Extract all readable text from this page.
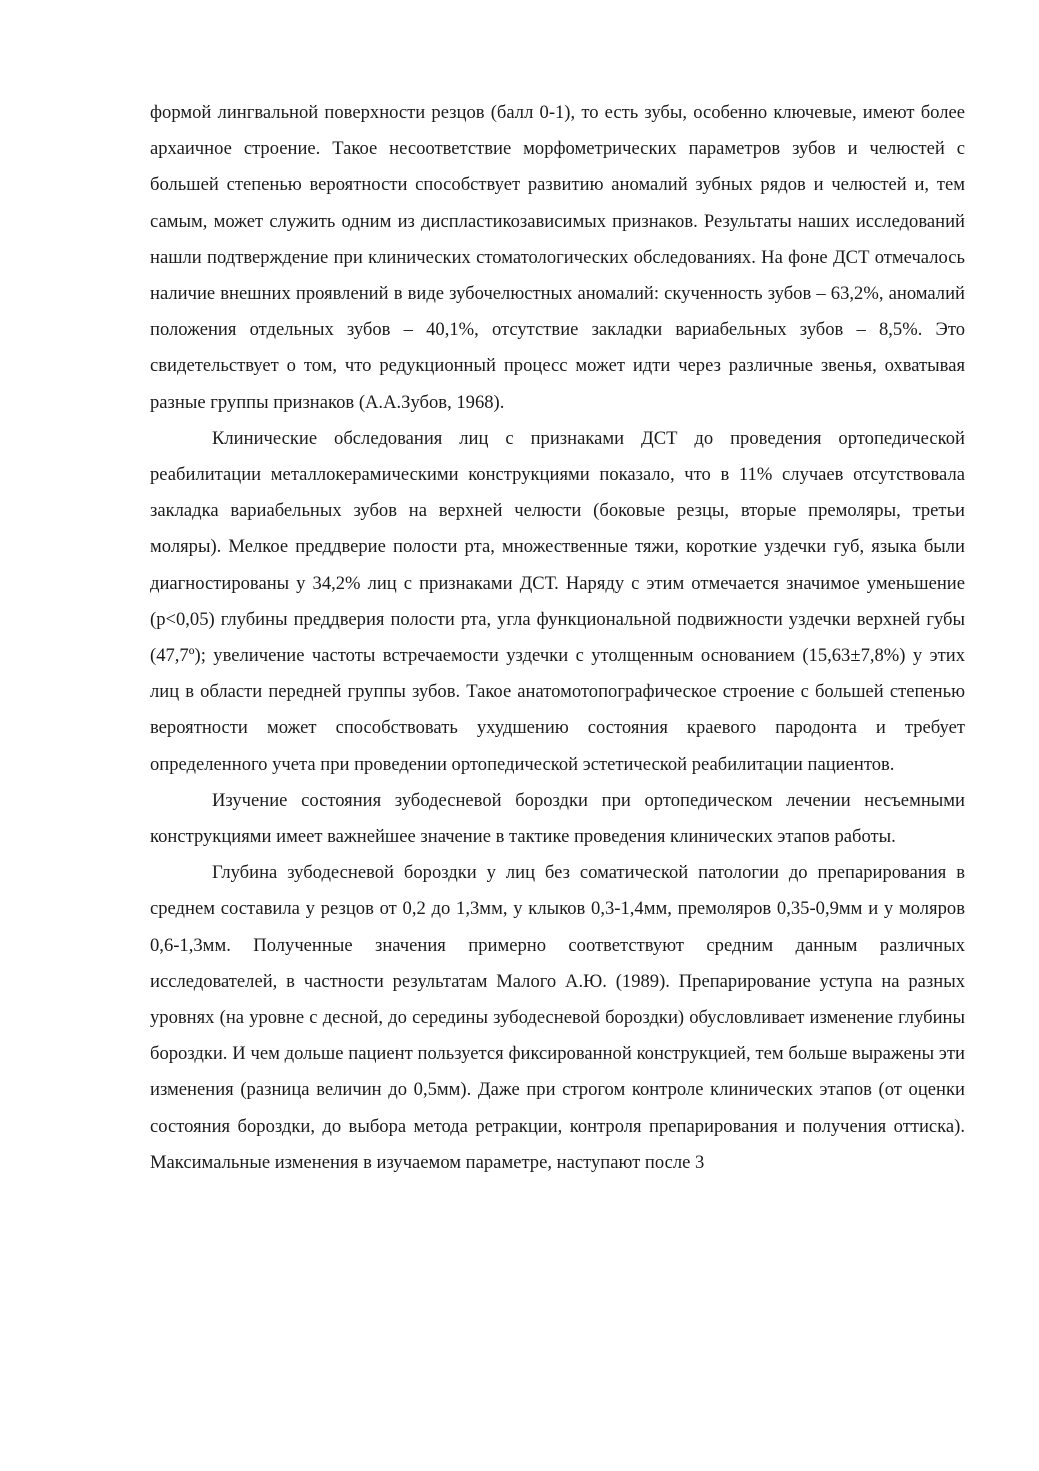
формой лингвальной поверхности резцов (балл 0-1), то есть зубы, особенно ключевые, имеют более архаичное строение. Такое несоответствие морфометрических параметров зубов и челюстей с большей степенью вероятности способствует развитию аномалий зубных рядов и челюстей и, тем самым, может служить одним из диспластикозависимых признаков. Результаты наших исследований нашли подтверждение при клинических стоматологических обследованиях. На фоне ДСТ отмечалось наличие внешних проявлений в виде зубочелюстных аномалий: скученность зубов – 63,2%, аномалий положения отдельных зубов – 40,1%, отсутствие закладки вариабельных зубов – 8,5%. Это свидетельствует о том, что редукционный процесс может идти через различные звенья, охватывая разные группы признаков (А.А.Зубов, 1968).

Клинические обследования лиц с признаками ДСТ до проведения ортопедической реабилитации металлокерамическими конструкциями показало, что в 11% случаев отсутствовала закладка вариабельных зубов на верхней челюсти (боковые резцы, вторые премоляры, третьи моляры). Мелкое преддверие полости рта, множественные тяжи, короткие уздечки губ, языка были диагностированы у 34,2% лиц с признаками ДСТ. Наряду с этим отмечается значимое уменьшение (р<0,05) глубины преддверия полости рта, угла функциональной подвижности уздечки верхней губы (47,7º); увеличение частоты встречаемости уздечки с утолщенным основанием (15,63±7,8%) у этих лиц в области передней группы зубов. Такое анатомотопографическое строение с большей степенью вероятности может способствовать ухудшению состояния краевого пародонта и требует определенного учета при проведении ортопедической эстетической реабилитации пациентов.

Изучение состояния зубодесневой бороздки при ортопедическом лечении несъемными конструкциями имеет важнейшее значение в тактике проведения клинических этапов работы.

Глубина зубодесневой бороздки у лиц без соматической патологии до препарирования в среднем составила у резцов от 0,2 до 1,3мм, у клыков 0,3-1,4мм, премоляров 0,35-0,9мм и у моляров 0,6-1,3мм. Полученные значения примерно соответствуют средним данным различных исследователей, в частности результатам Малого А.Ю. (1989). Препарирование уступа на разных уровнях (на уровне с десной, до середины зубодесневой бороздки) обусловливает изменение глубины бороздки. И чем дольше пациент пользуется фиксированной конструкцией, тем больше выражены эти изменения (разница величин до 0,5мм). Даже при строгом контроле клинических этапов (от оценки состояния бороздки, до выбора метода ретракции, контроля препарирования и получения оттиска). Максимальные изменения в изучаемом параметре, наступают после 3
